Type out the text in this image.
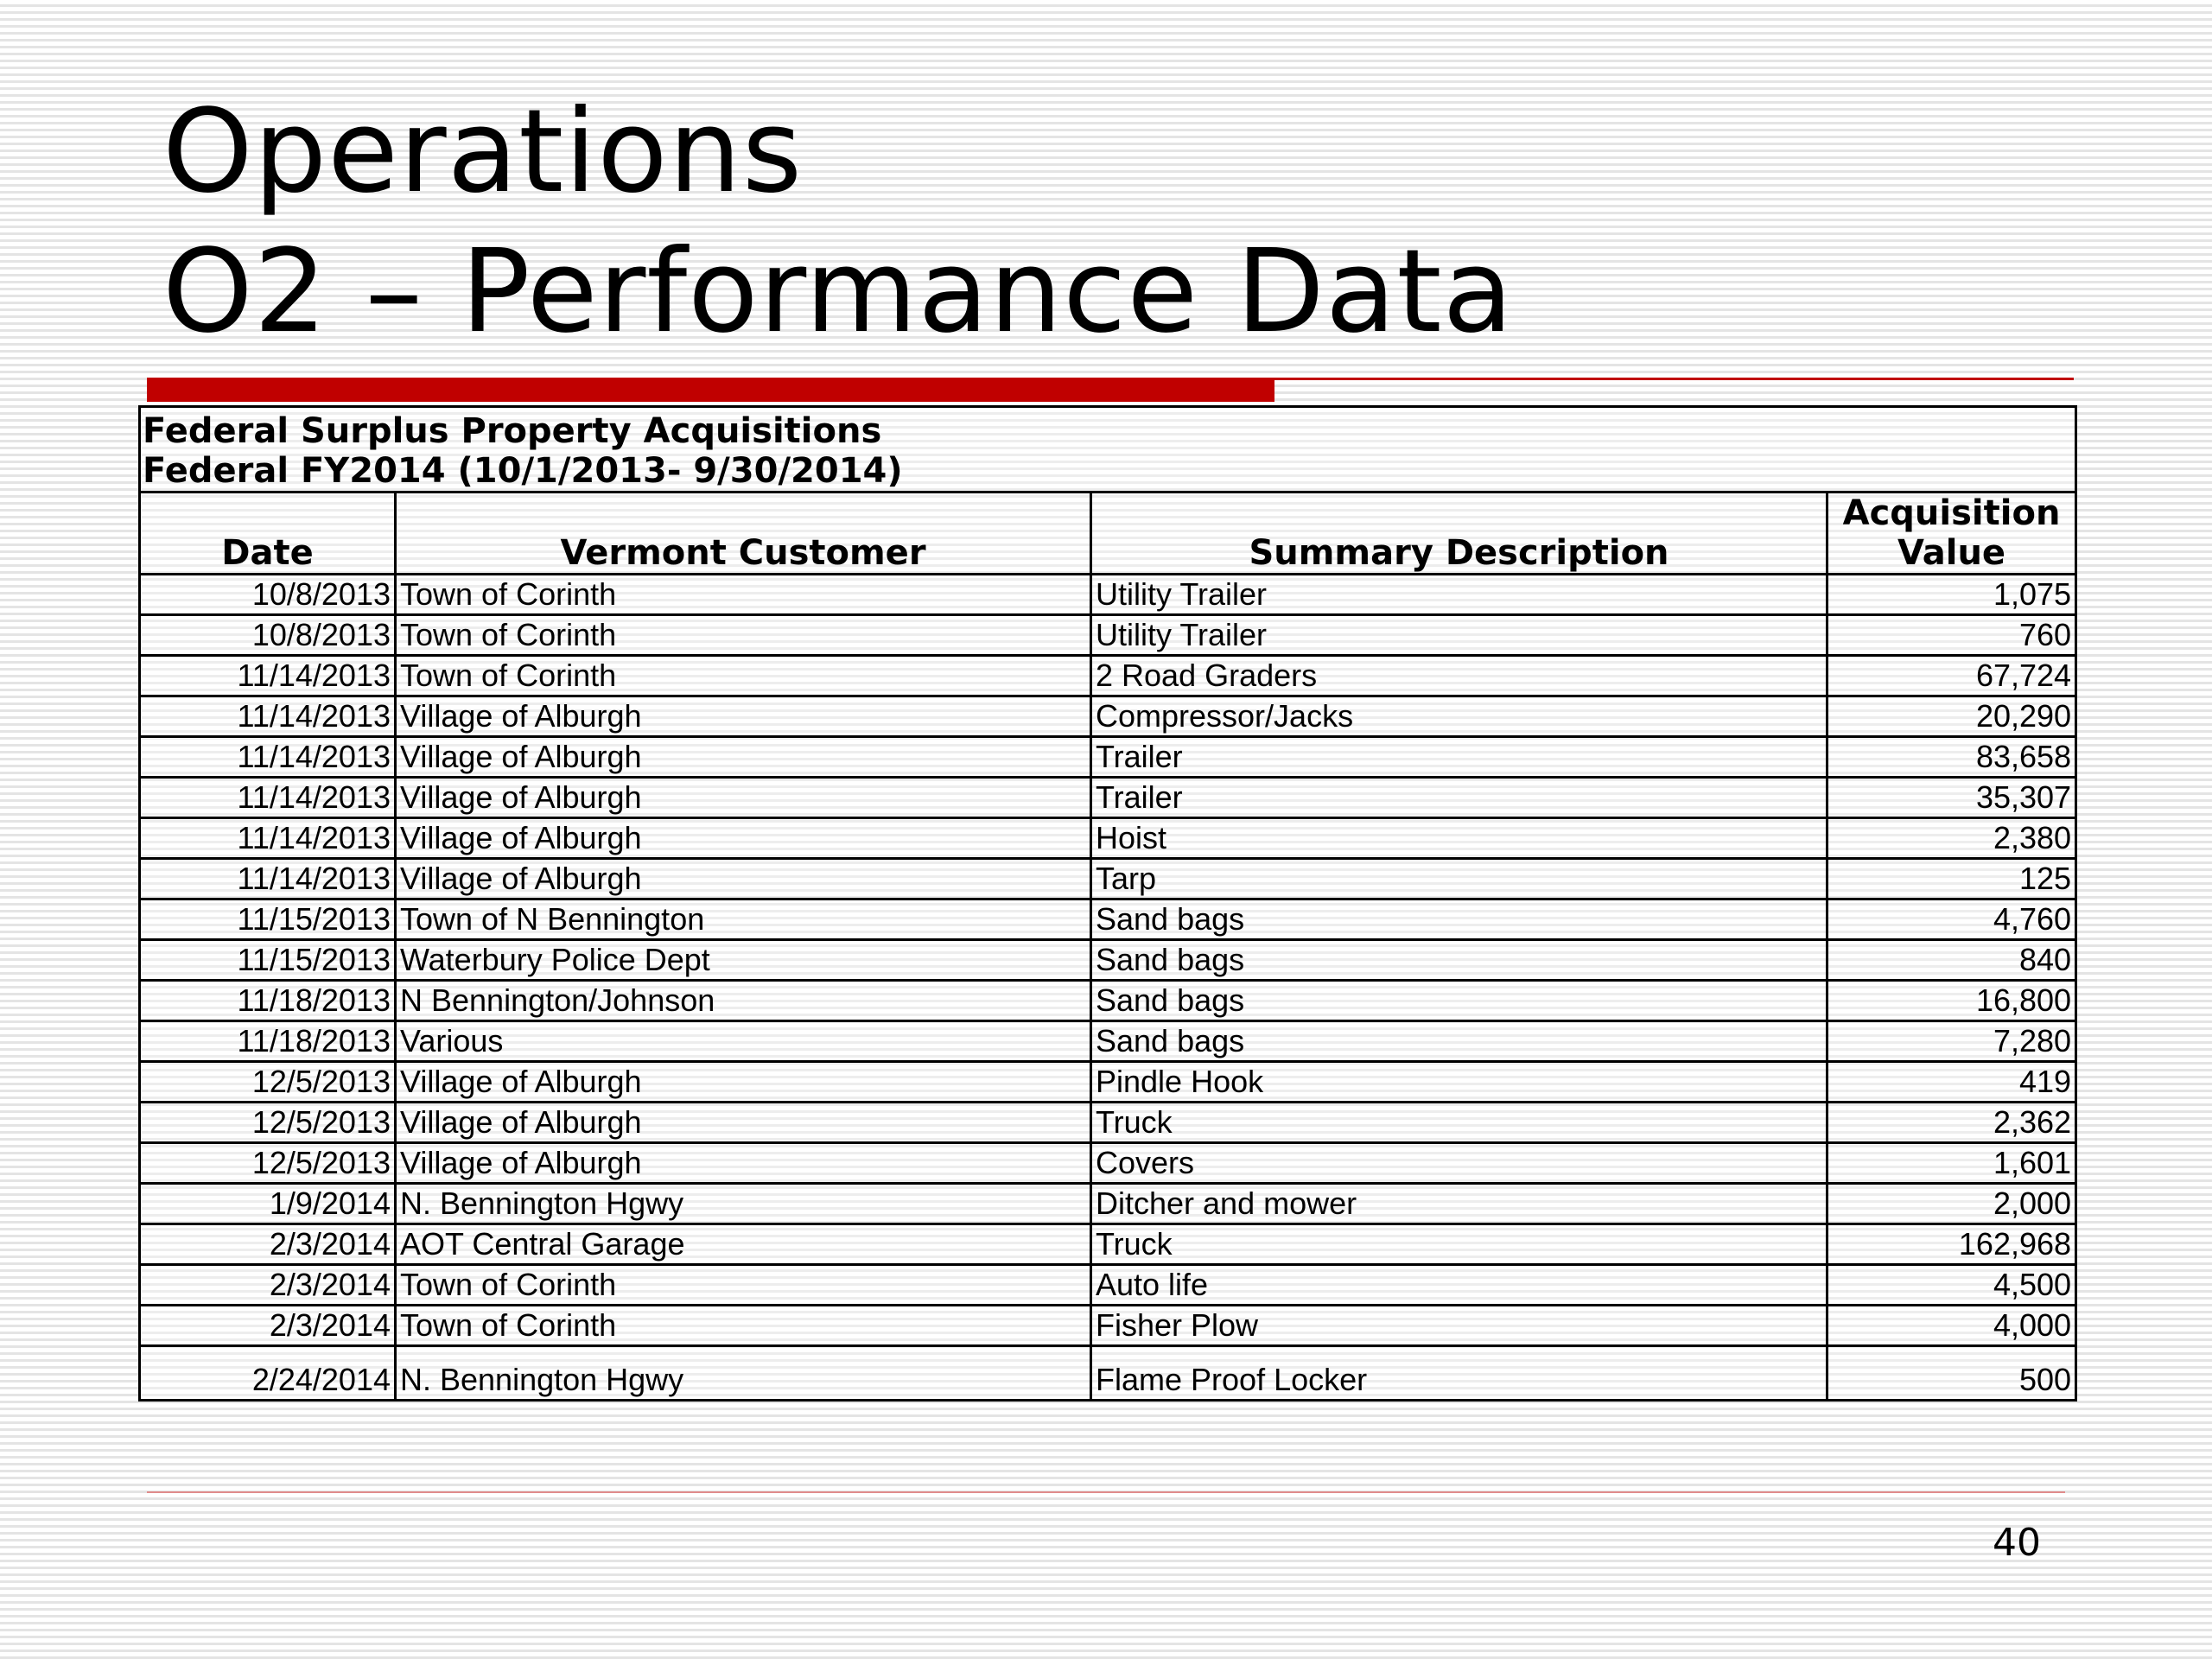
Operations
O2 – Performance Data
Federal Surplus Property Acquisitions
Federal FY2014 (10/1/2013- 9/30/2014)			

Date	Vermont Customer	Summary Description	Acquisition
Value

10/8/2013	Town of Corinth	Utility Trailer	1,075
10/8/2013	Town of Corinth	Utility Trailer	760
11/14/2013	Town of Corinth	2 Road Graders	67,724
11/14/2013	Village of Alburgh	Compressor/Jacks	20,290
11/14/2013	Village of Alburgh	Trailer	83,658
11/14/2013	Village of Alburgh	Trailer	35,307
11/14/2013	Village of Alburgh	Hoist	2,380
11/14/2013	Village of Alburgh	Tarp	125
11/15/2013	Town of N Bennington	Sand bags	4,760
11/15/2013	Waterbury Police Dept	Sand bags	840
11/18/2013	N Bennington/Johnson	Sand bags	16,800
11/18/2013	Various	Sand bags	7,280
12/5/2013	Village of Alburgh	Pindle Hook	419
12/5/2013	Village of Alburgh	Truck	2,362
12/5/2013	Village of Alburgh	Covers	1,601
1/9/2014	N. Bennington Hgwy	Ditcher and mower	2,000
2/3/2014	AOT Central Garage	Truck	162,968
2/3/2014	Town of Corinth	Auto life	4,500
2/3/2014	Town of Corinth	Fisher Plow	4,000
2/24/2014	N. Bennington Hgwy	Flame Proof Locker	500
40
